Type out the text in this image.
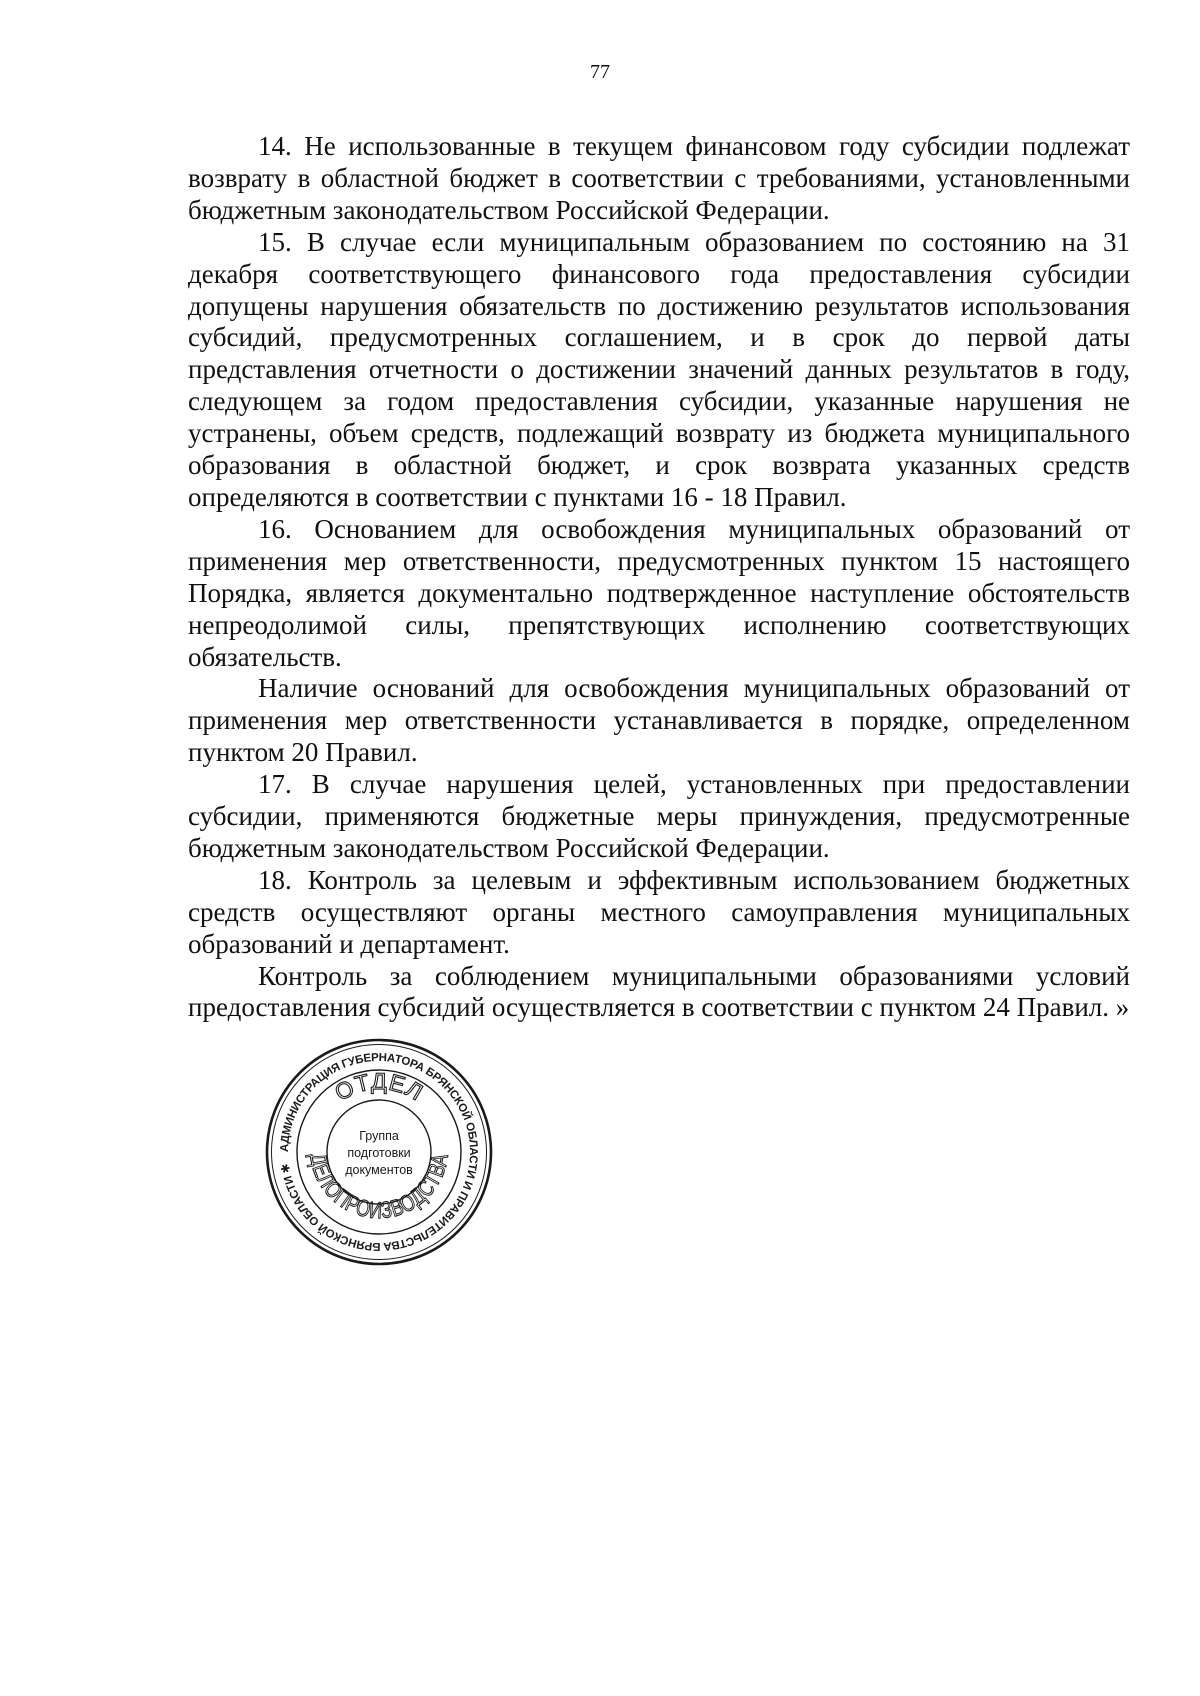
77

14. Не использованные в текущем финансовом году субсидии подлежат возврату в областной бюджет в соответствии с требованиями, установленными бюджетным законодательством Российской Федерации.

15. В случае если муниципальным образованием по состоянию на 31 декабря соответствующего финансового года предоставления субсидии допущены нарушения обязательств по достижению результатов использования субсидий, предусмотренных соглашением, и в срок до первой даты представления отчетности о достижении значений данных результатов в году, следующем за годом предоставления субсидии, указанные нарушения не устранены, объем средств, подлежащий возврату из бюджета муниципального образования в областной бюджет, и срок возврата указанных средств определяются в соответствии с пунктами 16 - 18 Правил.

16. Основанием для освобождения муниципальных образований от применения мер ответственности, предусмотренных пунктом 15 настоящего Порядка, является документально подтвержденное наступление обстоятельств непреодолимой силы, препятствующих исполнению соответствующих обязательств.

Наличие оснований для освобождения муниципальных образований от применения мер ответственности устанавливается в порядке, определенном пунктом 20 Правил.

17. В случае нарушения целей, установленных при предоставлении субсидии, применяются бюджетные меры принуждения, предусмотренные бюджетным законодательством Российской Федерации.

18. Контроль за целевым и эффективным использованием бюджетных средств осуществляют органы местного самоуправления муниципальных образований и департамент.

Контроль за соблюдением муниципальными образованиями условий предоставления субсидий осуществляется в соответствии с пунктом 24 Правил. »

АДМИНИСТРАЦИЯ ГУБЕРНАТОРА БРЯНСКОЙ ОБЛАСТИ И ПРАВИТЕЛЬСТВА БРЯНСКОЙ ОБЛАСТИ ✱
ОТДЕЛ
ДЕЛОПРОИЗВОДСТВА
Группа
подготовки
документов
